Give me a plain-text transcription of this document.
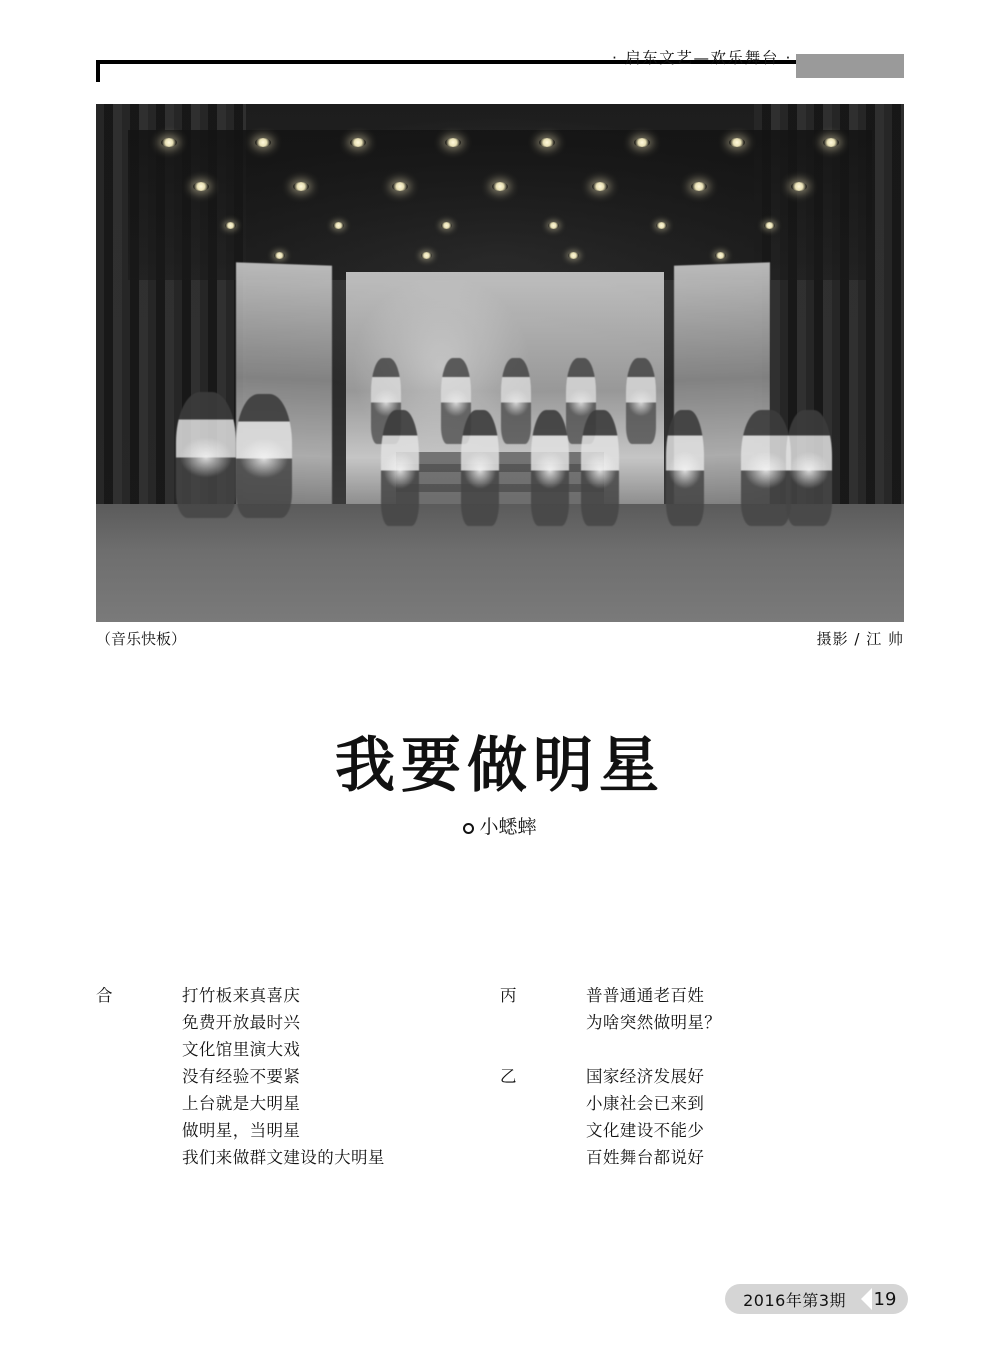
· 启东文艺—欢乐舞台 ·
（音乐快板）	摄影 / 江 帅
我要做明星
小蟋蟀
合	打竹板来真喜庆
免费开放最时兴
文化馆里演大戏
没有经验不要紧
上台就是大明星
做明星，当明星
我们来做群文建设的大明星
丙	普普通通老百姓
为啥突然做明星？
乙	国家经济发展好
小康社会已来到
文化建设不能少
百姓舞台都说好
2016年第3期	19
